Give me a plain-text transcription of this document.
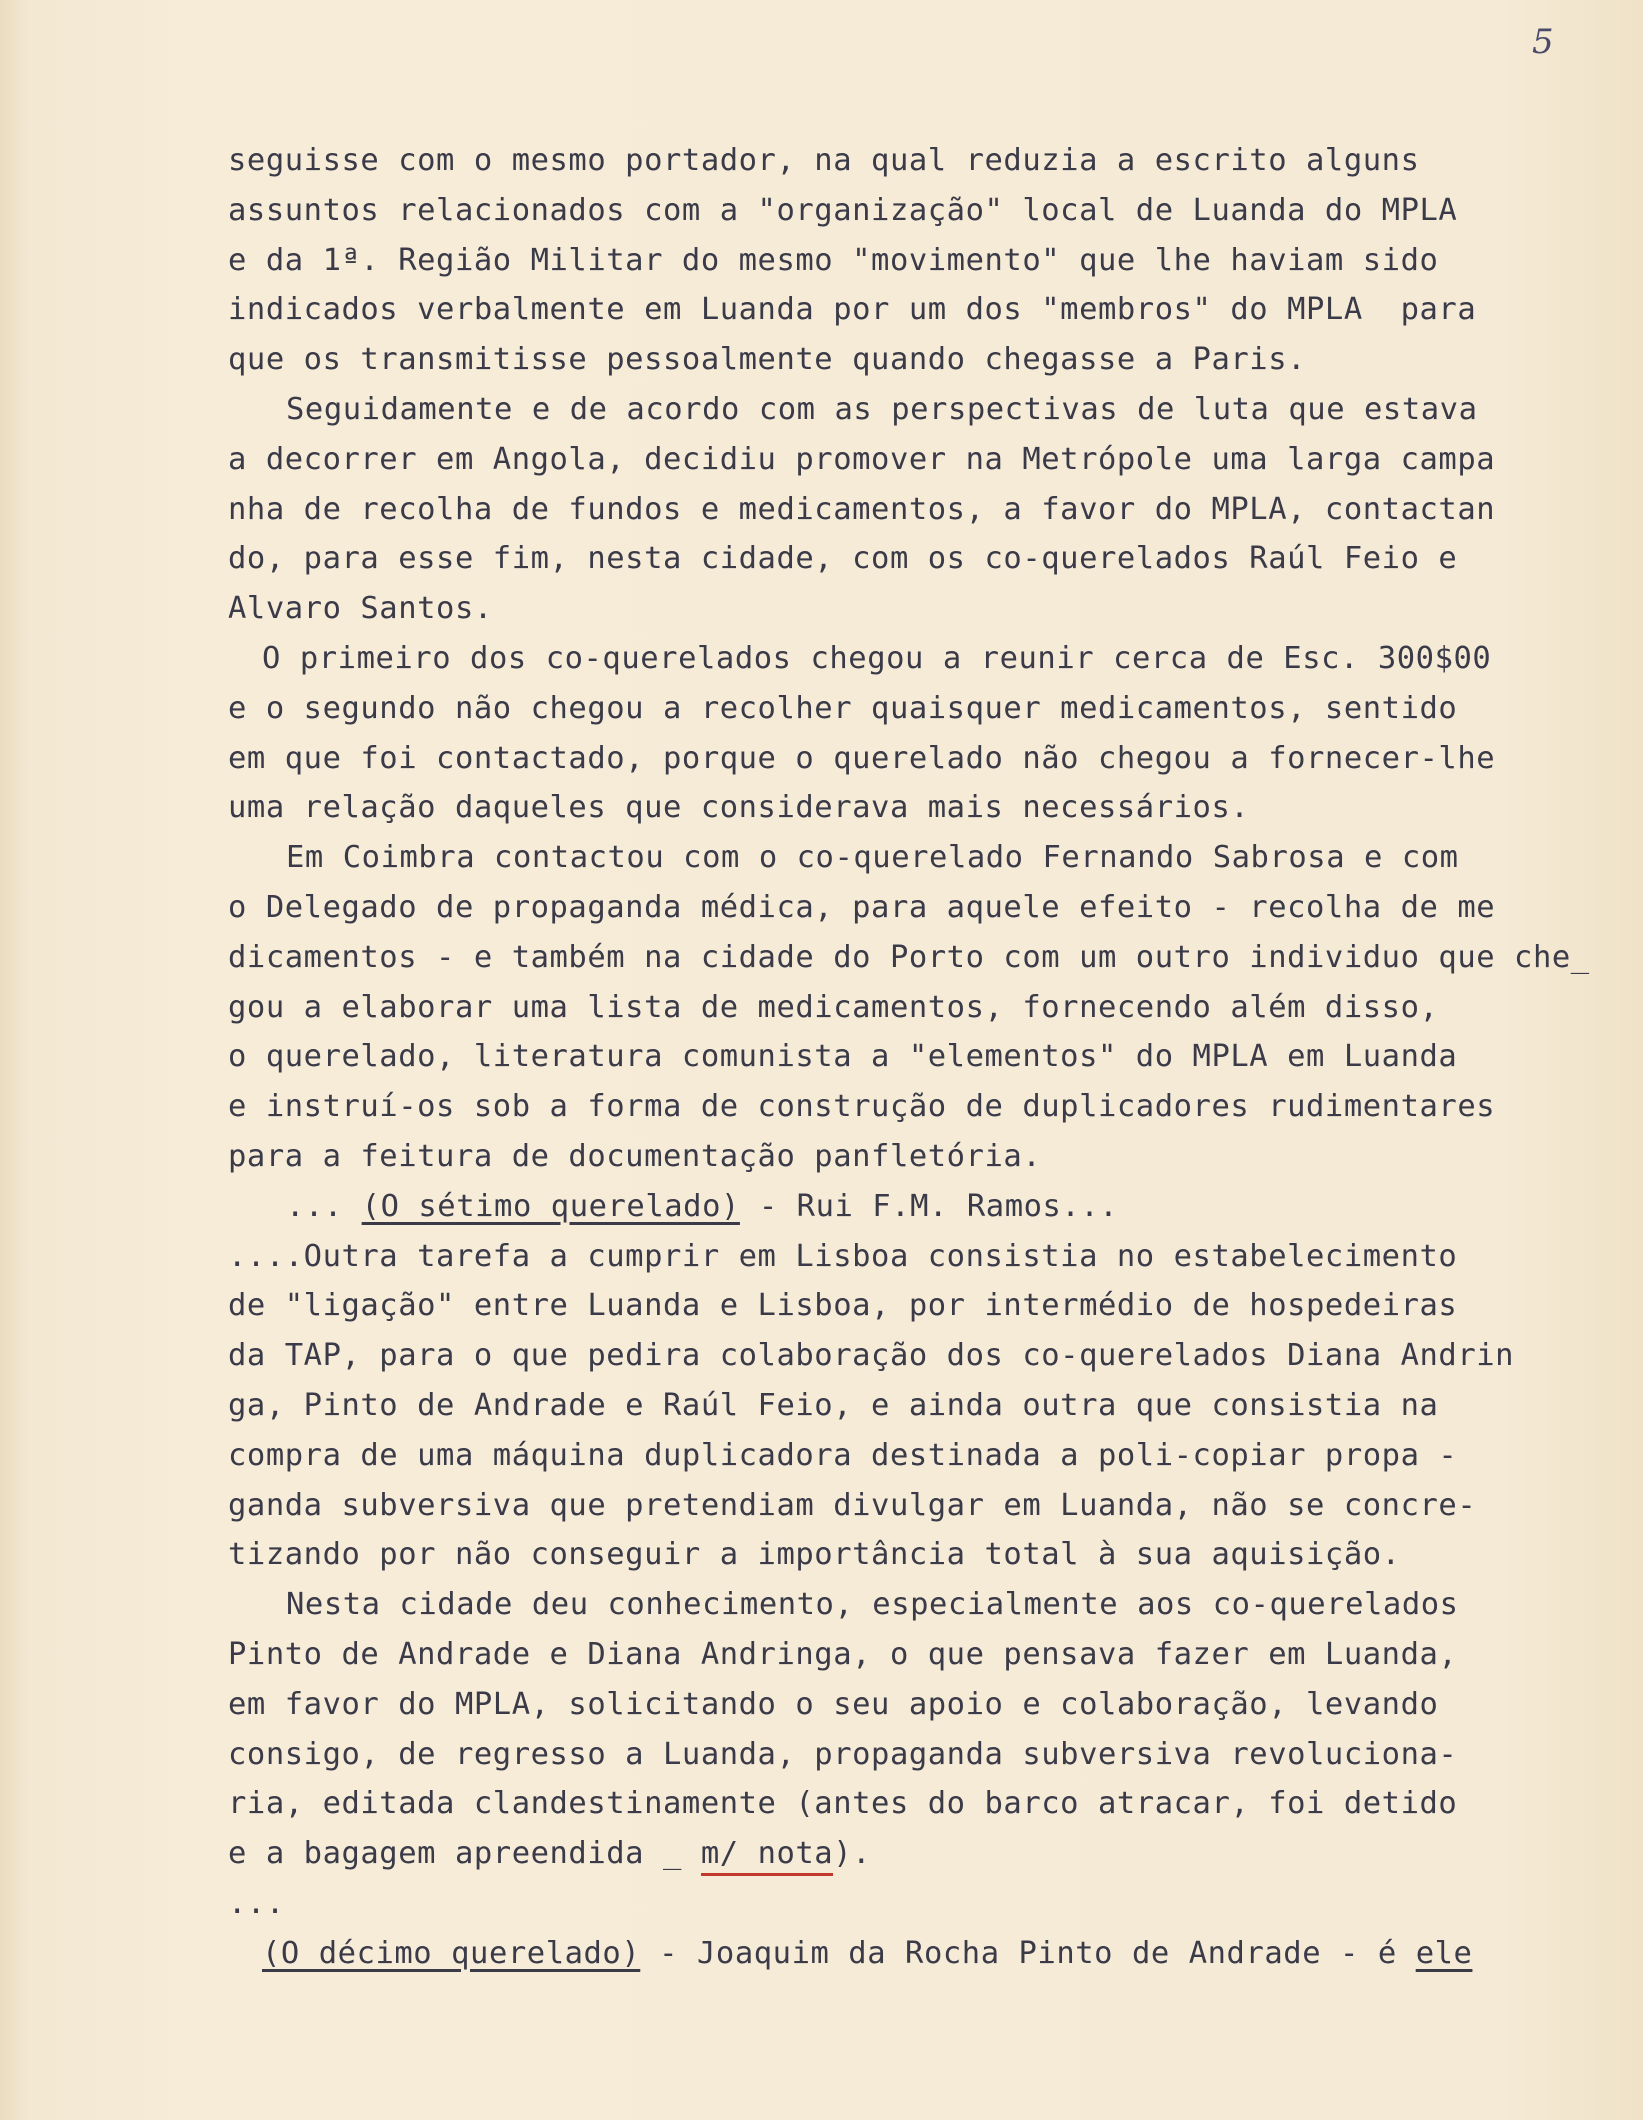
5
seguisse com o mesmo portador, na qual reduzia a escrito alguns
assuntos relacionados com a "organização" local de Luanda do MPLA
e da 1ª. Região Militar do mesmo "movimento" que lhe haviam sido
indicados verbalmente em Luanda por um dos "membros" do MPLA  para
que os transmitisse pessoalmente quando chegasse a Paris.
Seguidamente e de acordo com as perspectivas de luta que estava
a decorrer em Angola, decidiu promover na Metrópole uma larga campa
nha de recolha de fundos e medicamentos, a favor do MPLA, contactan
do, para esse fim, nesta cidade, com os co-querelados Raúl Feio e
Alvaro Santos.
O primeiro dos co-querelados chegou a reunir cerca de Esc. 300$00
e o segundo não chegou a recolher quaisquer medicamentos, sentido
em que foi contactado, porque o querelado não chegou a fornecer-lhe
uma relação daqueles que considerava mais necessários.
Em Coimbra contactou com o co-querelado Fernando Sabrosa e com
o Delegado de propaganda médica, para aquele efeito - recolha de me
dicamentos - e também na cidade do Porto com um outro individuo que che_
gou a elaborar uma lista de medicamentos, fornecendo além disso,
o querelado, literatura comunista a "elementos" do MPLA em Luanda
e instruí-os sob a forma de construção de duplicadores rudimentares
para a feitura de documentação panfletória.
... (O sétimo querelado) - Rui F.M. Ramos...
....Outra tarefa a cumprir em Lisboa consistia no estabelecimento
de "ligação" entre Luanda e Lisboa, por intermédio de hospedeiras
da TAP, para o que pedira colaboração dos co-querelados Diana Andrin
ga, Pinto de Andrade e Raúl Feio, e ainda outra que consistia na
compra de uma máquina duplicadora destinada a poli-copiar propa -
ganda subversiva que pretendiam divulgar em Luanda, não se concre-
tizando por não conseguir a importância total à sua aquisição.
Nesta cidade deu conhecimento, especialmente aos co-querelados
Pinto de Andrade e Diana Andringa, o que pensava fazer em Luanda,
em favor do MPLA, solicitando o seu apoio e colaboração, levando
consigo, de regresso a Luanda, propaganda subversiva revoluciona-
ria, editada clandestinamente (antes do barco atracar, foi detido
e a bagagem apreendida _ m/ nota).
...
(O décimo querelado) - Joaquim da Rocha Pinto de Andrade - é ele
